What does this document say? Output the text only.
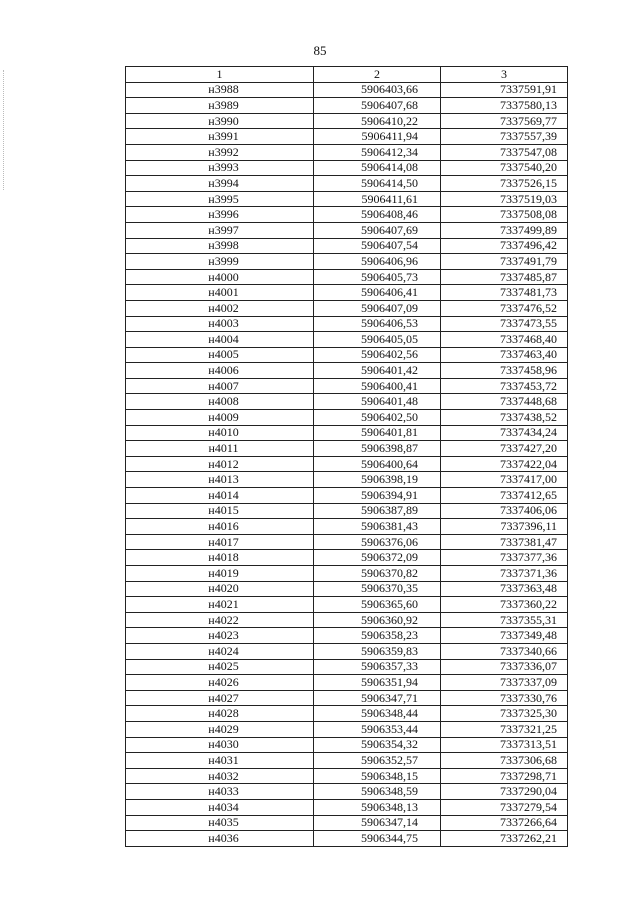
85
1	2	3
н3988	5906403,66	7337591,91
н3989	5906407,68	7337580,13
н3990	5906410,22	7337569,77
н3991	5906411,94	7337557,39
н3992	5906412,34	7337547,08
н3993	5906414,08	7337540,20
н3994	5906414,50	7337526,15
н3995	5906411,61	7337519,03
н3996	5906408,46	7337508,08
н3997	5906407,69	7337499,89
н3998	5906407,54	7337496,42
н3999	5906406,96	7337491,79
н4000	5906405,73	7337485,87
н4001	5906406,41	7337481,73
н4002	5906407,09	7337476,52
н4003	5906406,53	7337473,55
н4004	5906405,05	7337468,40
н4005	5906402,56	7337463,40
н4006	5906401,42	7337458,96
н4007	5906400,41	7337453,72
н4008	5906401,48	7337448,68
н4009	5906402,50	7337438,52
н4010	5906401,81	7337434,24
н4011	5906398,87	7337427,20
н4012	5906400,64	7337422,04
н4013	5906398,19	7337417,00
н4014	5906394,91	7337412,65
н4015	5906387,89	7337406,06
н4016	5906381,43	7337396,11
н4017	5906376,06	7337381,47
н4018	5906372,09	7337377,36
н4019	5906370,82	7337371,36
н4020	5906370,35	7337363,48
н4021	5906365,60	7337360,22
н4022	5906360,92	7337355,31
н4023	5906358,23	7337349,48
н4024	5906359,83	7337340,66
н4025	5906357,33	7337336,07
н4026	5906351,94	7337337,09
н4027	5906347,71	7337330,76
н4028	5906348,44	7337325,30
н4029	5906353,44	7337321,25
н4030	5906354,32	7337313,51
н4031	5906352,57	7337306,68
н4032	5906348,15	7337298,71
н4033	5906348,59	7337290,04
н4034	5906348,13	7337279,54
н4035	5906347,14	7337266,64
н4036	5906344,75	7337262,21
